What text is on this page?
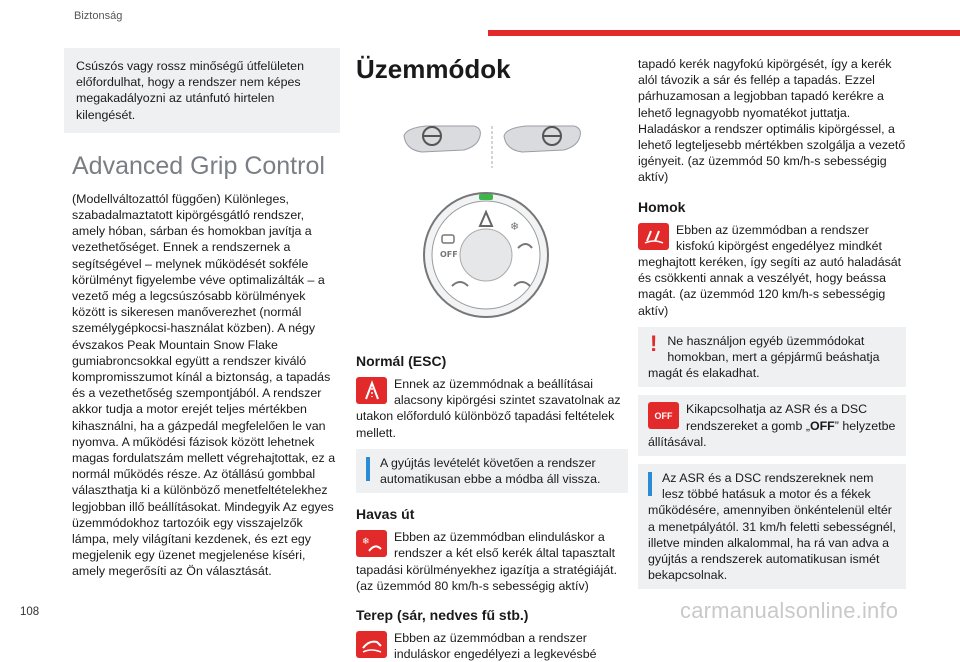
Biztonság
Csúszós vagy rossz minőségű útfelületen előfordulhat, hogy a rendszer nem képes megakadályozni az utánfutó hirtelen kilengését.
Advanced Grip Control
(Modellváltozattól függően) Különleges, szabadalmaztatott kipörgésgátló rendszer, amely hóban, sárban és homokban javítja a vezethetőséget. Ennek a rendszernek a segítségével – melynek működését sokféle körülményt figyelembe véve optimalizálták – a vezető még a legcsúszósabb körülmények között is sikeresen manőverezhet (normál személygépkocsi-használat közben). A négy évszakos Peak Mountain Snow Flake gumiabroncsokkal együtt a rendszer kiváló kompromisszumot kínál a biztonság, a tapadás és a vezethetőség szempontjából. A rendszer akkor tudja a motor erejét teljes mértékben kihasználni, ha a gázpedál megfelelően le van nyomva. A működési fázisok között lehetnek magas fordulatszám mellett végrehajtottak, ez a normál működés része. Az ötállású gombbal választhatja ki a különböző menetfeltételekhez legjobban illő beállításokat. Mindegyik Az egyes üzemmódokhoz tartozóik egy visszajelzők lámpa, mely világítani kezdenek, és ezt egy megjelenik egy üzenet megjelenése kíséri, amely megerősíti az Ön választását.
Üzemmódok
❄
OFF
Normál (ESC)
Ennek az üzemmódnak a beállításai alacsony kipörgési szintet szavatolnak az utakon előforduló különböző tapadási feltételek mellett.
A gyújtás levételét követően a rendszer automatikusan ebbe a módba áll vissza.
Havas út
❄ Ebben az üzemmódban elinduláskor a rendszer a két első kerék által tapasztalt tapadási körülményekhez igazítja a stratégiáját. (az üzemmód 80 km/h-s sebességig aktív)
Terep (sár, nedves fű stb.)
Ebben az üzemmódban a rendszer induláskor engedélyezi a legkevésbé
tapadó kerék nagyfokú kipörgését, így a kerék alól távozik a sár és fellép a tapadás. Ezzel párhuzamosan a legjobban tapadó kerékre a lehető legnagyobb nyomatékot juttatja. Haladáskor a rendszer optimális kipörgéssel, a lehető legteljesebb mértékben szolgálja a vezető igényeit. (az üzemmód 50 km/h-s sebességig aktív)
Homok
Ebben az üzemmódban a rendszer kisfokú kipörgést engedélyez mindkét meghajtott keréken, így segíti az autó haladását és csökkenti annak a veszélyét, hogy beássa magát. (az üzemmód 120 km/h-s sebességig aktív)
! Ne használjon egyéb üzemmódokat homokban, mert a gépjármű beáshatja magát és elakadhat.
OFF Kikapcsolhatja az ASR és a DSC rendszereket a gomb „OFF” helyzetbe állításával.
Az ASR és a DSC rendszereknek nem lesz többé hatásuk a motor és a fékek működésére, amennyiben önkéntelenül eltér a menetpályától. 31 km/h feletti sebességnél, illetve minden alkalommal, ha rá van adva a gyújtás a rendszerek automatikusan ismét bekapcsolnak.
108	carmanualsonline.info
